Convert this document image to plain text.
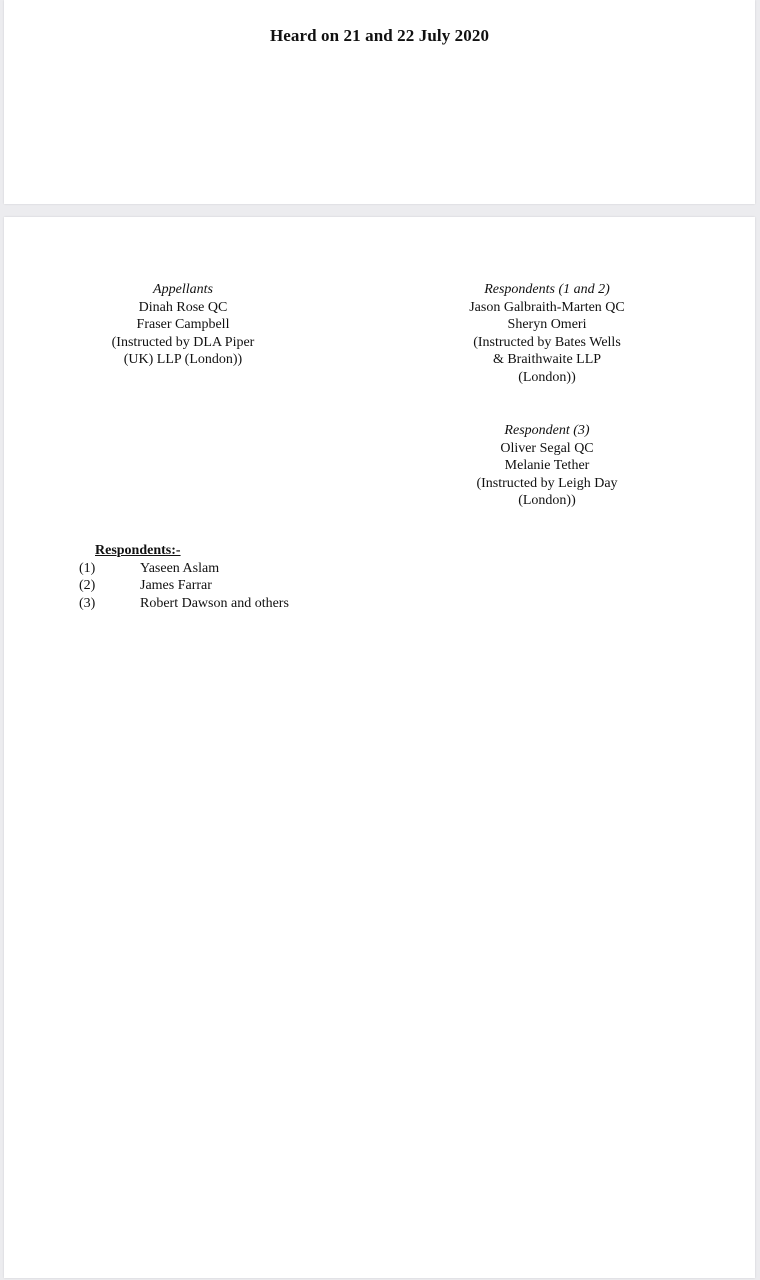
Heard on 21 and 22 July 2020
Appellants
Dinah Rose QC
Fraser Campbell
(Instructed by DLA Piper
(UK) LLP (London))
Respondents (1 and 2)
Jason Galbraith-Marten QC
Sheryn Omeri
(Instructed by Bates Wells
& Braithwaite LLP
(London))
Respondent (3)
Oliver Segal QC
Melanie Tether
(Instructed by Leigh Day
(London))
Respondents:-
(1)	Yaseen Aslam
(2)	James Farrar
(3)	Robert Dawson and others
